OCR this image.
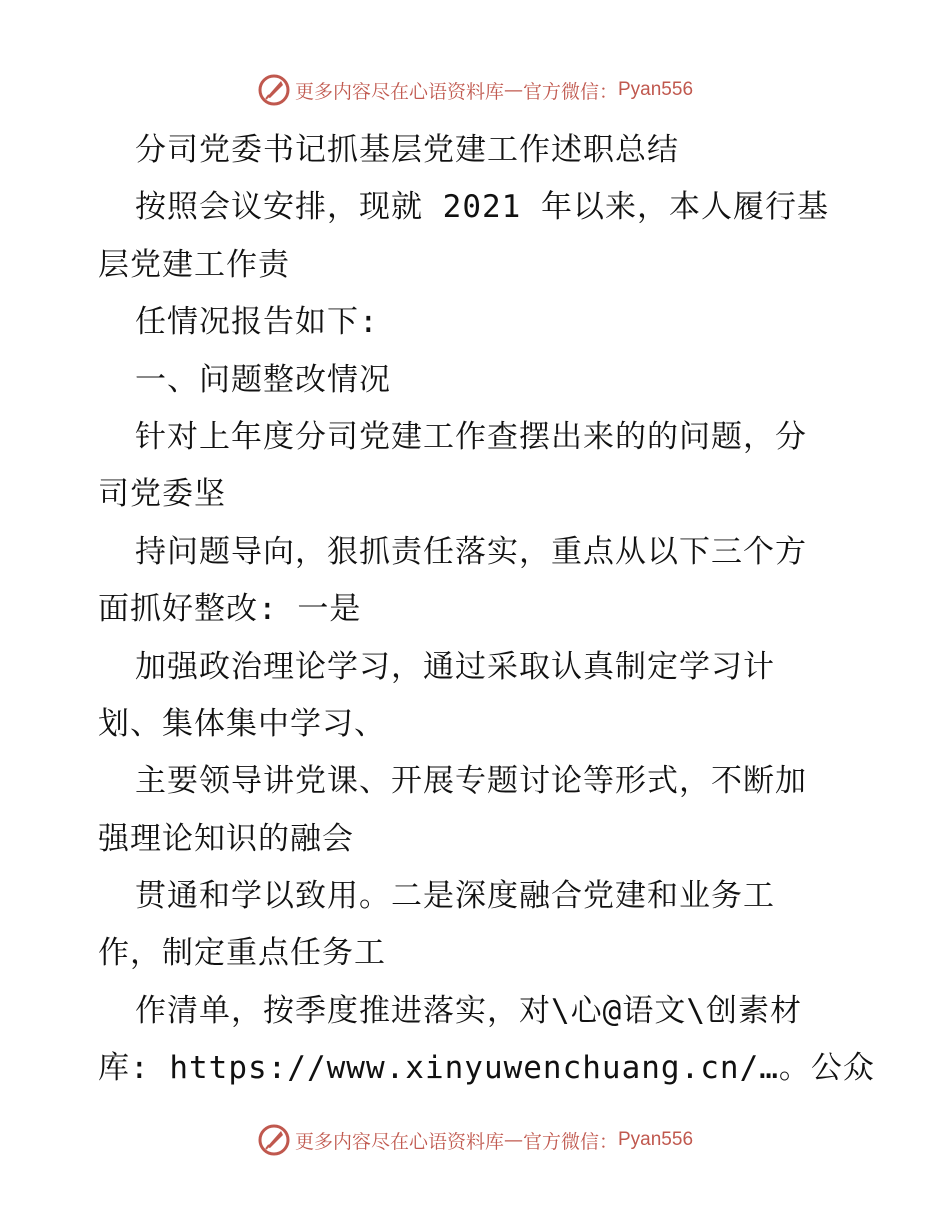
更多内容尽在心语资料库 — 官方微信： Pyan556
分司党委书记抓基层党建工作述职总结
按照会议安排，现就 2021 年以来，本人履行基
层党建工作责
任情况报告如下:
一、问题整改情况
针对上年度分司党建工作查摆出来的的问题，分
司党委坚
持问题导向，狠抓责任落实，重点从以下三个方
面抓好整改: 一是
加强政治理论学习，通过采取认真制定学习计
划、集体集中学习、
主要领导讲党课、开展专题讨论等形式，不断加
强理论知识的融会
贯通和学以致用。二是深度融合党建和业务工
作，制定重点任务工
作清单，按季度推进落实，对\心@语文\创素材
库: https://www.xinyuwenchuang.cn/…。公众
更多内容尽在心语资料库 — 官方微信： Pyan556
